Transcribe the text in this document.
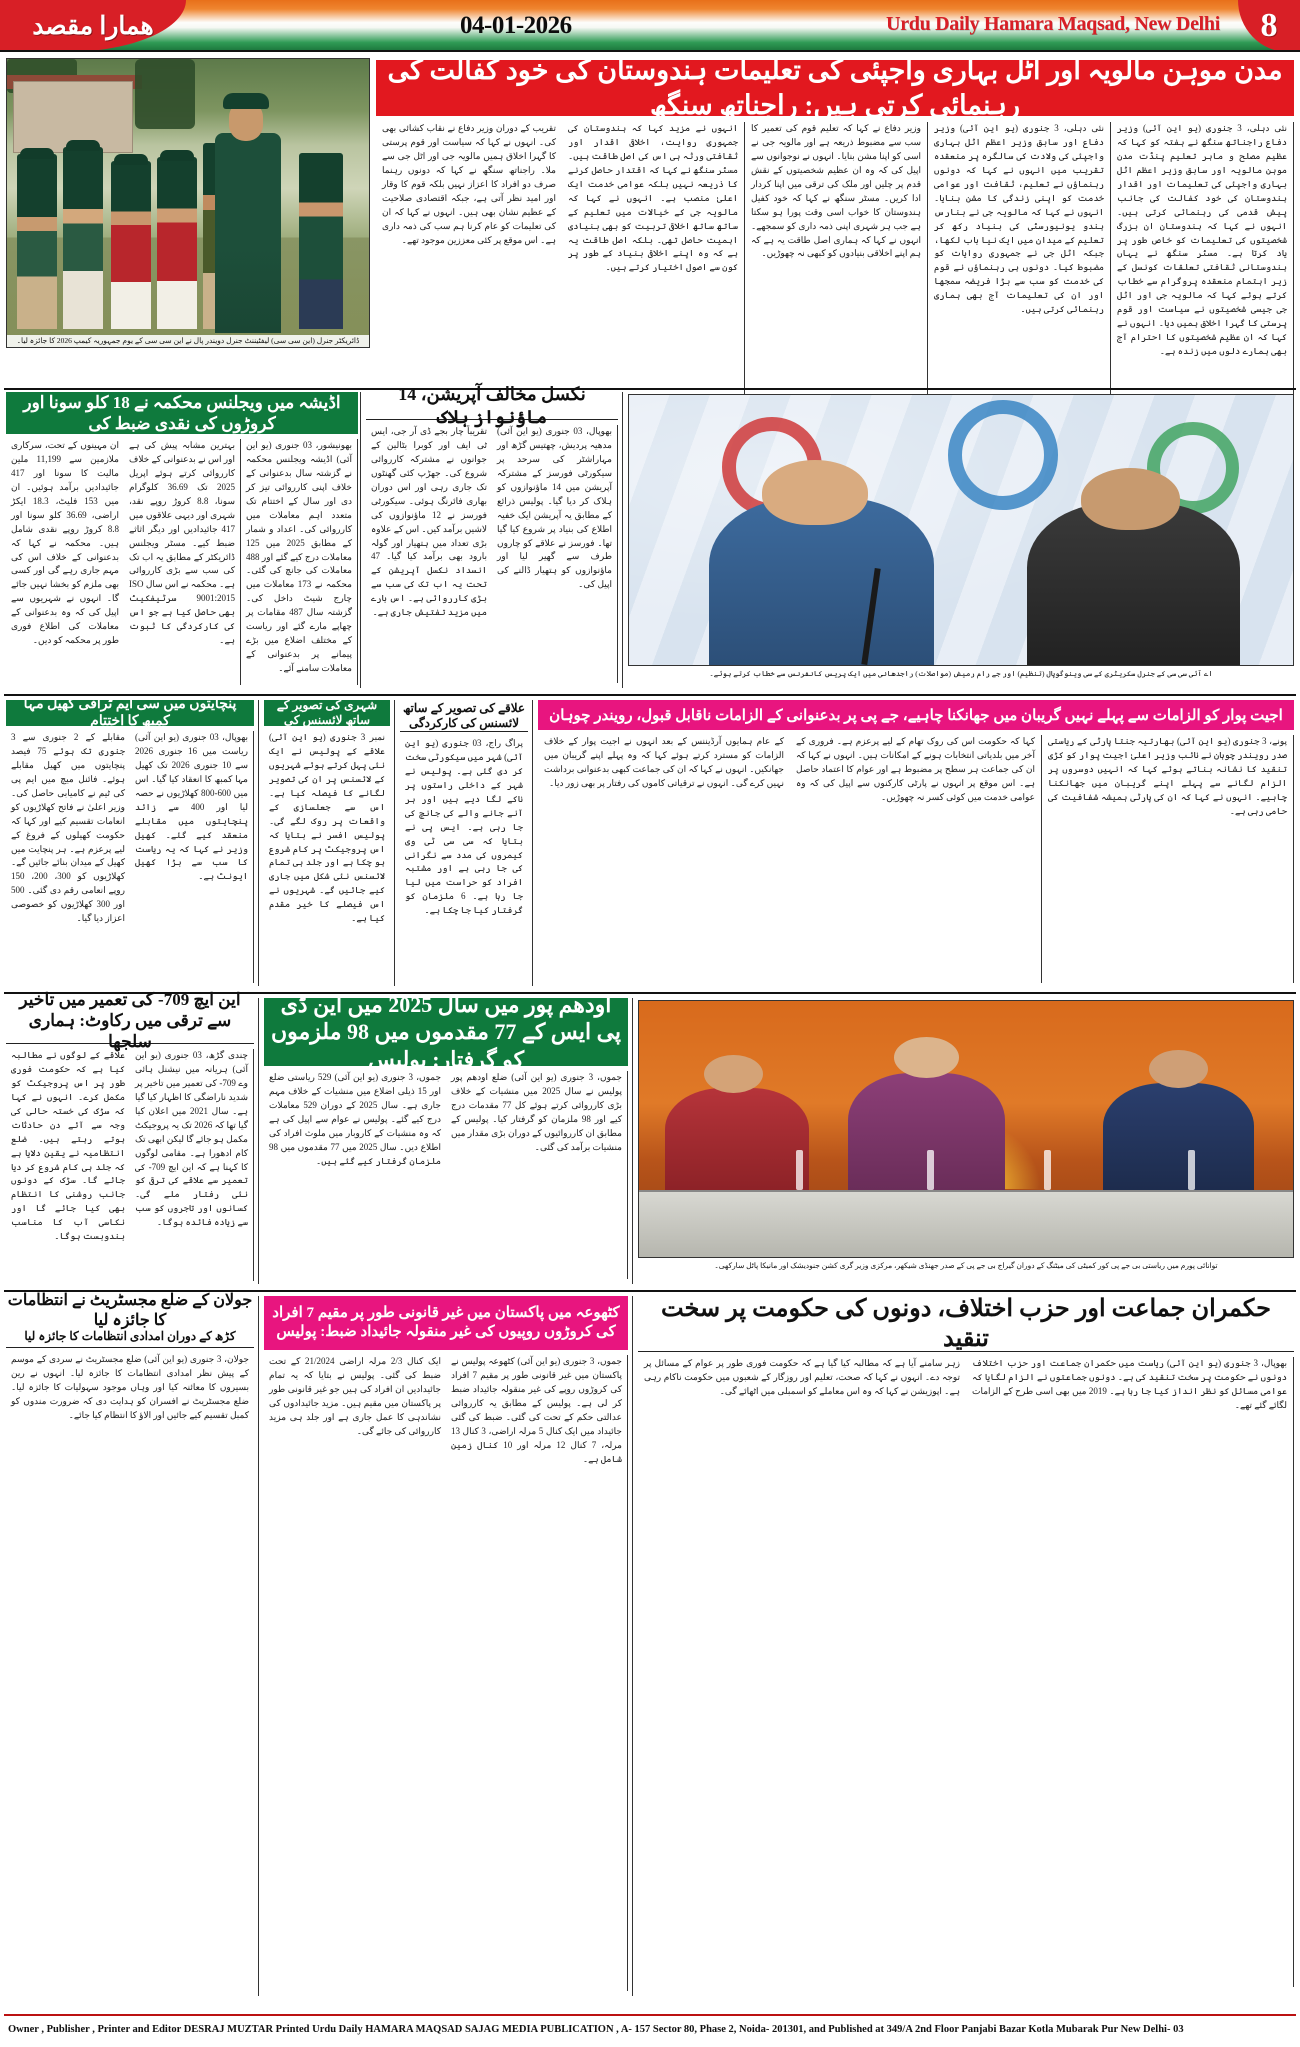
همارا مقصد	04-01-2026	Urdu Daily Hamara Maqsad, New Delhi 8
ڈائریکٹر جنرل (این سی سی) لیفٹیننٹ جنرل دویندر پال نے این سی سی کے یوم جمہوریہ کیمپ 2026 کا جائزہ لیا۔
مدن موہن مالویہ اور اٹل بہاری واجپئی کی تعلیمات ہندوستان کی خود کفالت کی رہنمائی کرتی ہیں: راجناتھ سنگھ
نئی دہلی، 3 جنوری (یو این آئی) وزیر دفاع راجناتھ سنگھ نے ہفتہ کو کہا کہ عظیم مصلح و ماہر تعلیم پنڈت مدن موہن مالویہ اور سابق وزیر اعظم اٹل بہاری واجپئی کی تعلیمات اور اقدار ہندوستان کی خود کفالت کی جانب پیش قدمی کی رہنمائی کرتی ہیں۔ انہوں نے کہا کہ ہندوستان ان بزرگ شخصیتوں کی تعلیمات کو خاص طور پر یاد کرتا ہے۔ مسٹر سنگھ نے یہاں ہندوستانی ثقافتی تعلقات کونسل کے زیر اہتمام منعقدہ پروگرام سے خطاب کرتے ہوئے کہا کہ مالویہ جی اور اٹل جی جیسی شخصیتوں نے سیاست اور قوم پرستی کا گہرا اخلاق ہمیں دیا۔ انہوں نے کہا کہ ان عظیم شخصیتوں کا احترام آج بھی ہمارے دلوں میں زندہ ہے۔
نئی دہلی، 3 جنوری (یو این آئی) وزیر دفاع اور سابق وزیر اعظم اٹل بہاری واجپئی کی ولادت کی سالگرہ پر منعقدہ تقریب میں انہوں نے کہا کہ دونوں رہنماؤں نے تعلیم، ثقافت اور عوامی خدمت کو اپنی زندگی کا مشن بنایا۔ انہوں نے کہا کہ مالویہ جی نے بنارس ہندو یونیورسٹی کی بنیاد رکھ کر تعلیم کے میدان میں ایک نیا باب لکھا، جبکہ اٹل جی نے جمہوری روایات کو مضبوط کیا۔ دونوں ہی رہنماؤں نے قوم کی خدمت کو سب سے بڑا فریضہ سمجھا اور ان کی تعلیمات آج بھی ہماری رہنمائی کرتی ہیں۔
وزیر دفاع نے کہا کہ تعلیم قوم کی تعمیر کا سب سے مضبوط ذریعہ ہے اور مالویہ جی نے اسی کو اپنا مشن بنایا۔ انہوں نے نوجوانوں سے اپیل کی کہ وہ ان عظیم شخصیتوں کے نقش قدم پر چلیں اور ملک کی ترقی میں اپنا کردار ادا کریں۔ مسٹر سنگھ نے کہا کہ خود کفیل ہندوستان کا خواب اسی وقت پورا ہو سکتا ہے جب ہر شہری اپنی ذمہ داری کو سمجھے۔ انہوں نے کہا کہ ہماری اصل طاقت یہ ہے کہ ہم اپنے اخلاقی بنیادوں کو کبھی نہ چھوڑیں۔
انہوں نے مزید کہا کہ ہندوستان کی جمہوری روایت، اخلاقی اقدار اور ثقافتی ورثہ ہی اس کی اصل طاقت ہیں۔ مسٹر سنگھ نے کہا کہ اقتدار حاصل کرنے کا ذریعہ نہیں بلکہ عوامی خدمت ایک اعلیٰ منصب ہے۔ انہوں نے کہا کہ مالویہ جی کے خیالات میں تعلیم کے ساتھ ساتھ اخلاقی تربیت کو بھی بنیادی اہمیت حاصل تھی۔ بلکہ اصل طاقت یہ ہے کہ وہ اپنے اخلاقی بنیاد کے طور پر کون سے اصول اختیار کرتے ہیں۔
تقریب کے دوران وزیر دفاع نے نقاب کشائی بھی کی۔ انہوں نے کہا کہ سیاست اور قوم پرستی کا گہرا اخلاق ہمیں مالویہ جی اور اٹل جی سے ملا۔ راجناتھ سنگھ نے کہا کہ دونوں رہنما صرف دو افراد کا اعزاز نہیں بلکہ قوم کا وقار اور امید نظر آتی ہے، جبکہ اقتصادی صلاحیت کے عظیم نشان بھی ہیں۔ انہوں نے کہا کہ ان کی تعلیمات کو عام کرنا ہم سب کی ذمہ داری ہے۔ اس موقع پر کئی معززین موجود تھے۔
اڈیشہ میں ویجلنس محکمہ نے 18 کلو سونا اور کروڑوں کی نقدی ضبط کی
بھونیشور، 03 جنوری (یو این آئی) اڈیشہ ویجلنس محکمہ نے گزشتہ سال بدعنوانی کے خلاف اپنی کارروائی تیز کر دی اور سال کے اختتام تک متعدد اہم معاملات میں کارروائی کی۔ اعداد و شمار کے مطابق 2025 میں 125 معاملات درج کیے گئے اور 488 معاملات کی جانچ کی گئی۔ محکمہ نے 173 معاملات میں چارج شیٹ داخل کی۔ گزشتہ سال 487 مقامات پر چھاپے مارے گئے اور ریاست کے مختلف اضلاع میں بڑے پیمانے پر بدعنوانی کے معاملات سامنے آئے۔
بہترین مشابہ پیش کی ہے اور اس نے بدعنوانی کے خلاف کارروائی کرتے ہوئے اپریل 2025 تک 36.69 کلوگرام سونا، 8.8 کروڑ روپے نقد، شہری اور دیہی علاقوں میں 417 جائیدادیں اور دیگر اثاثے ضبط کیے۔ مسٹر ویجلنس ڈائریکٹر کے مطابق یہ اب تک کی سب سے بڑی کارروائی ہے۔ محکمہ نے اس سال ISO 9001:2015 سرٹیفکیٹ بھی حاصل کیا ہے جو اس کی کارکردگی کا ثبوت ہے۔
ان مہینوں کے تحت، سرکاری ملازمین سے 11,199 ملین مالیت کا سونا اور 417 جائیدادیں برآمد ہوئیں۔ ان میں 153 فلیٹ، 18.3 ایکڑ اراضی، 36.69 کلو سونا اور 8.8 کروڑ روپے نقدی شامل ہیں۔ محکمہ نے کہا کہ بدعنوانی کے خلاف اس کی مہم جاری رہے گی اور کسی بھی ملزم کو بخشا نہیں جائے گا۔ انہوں نے شہریوں سے اپیل کی کہ وہ بدعنوانی کے معاملات کی اطلاع فوری طور پر محکمہ کو دیں۔
نکسل مخالف آپریشن، 14 ماؤنواز ہلاک
بھوپال، 03 جنوری (یو این آئی) مدھیہ پردیش، چھتیس گڑھ اور مہاراشٹر کی سرحد پر سیکورٹی فورسز کے مشترکہ آپریشن میں 14 ماؤنوازوں کو ہلاک کر دیا گیا۔ پولیس ذرائع کے مطابق یہ آپریشن ایک خفیہ اطلاع کی بنیاد پر شروع کیا گیا تھا۔ فورسز نے علاقے کو چاروں طرف سے گھیر لیا اور ماؤنوازوں کو ہتھیار ڈالنے کی اپیل کی۔
تقریباً چار بجے ڈی آر جی، ایس ٹی ایف اور کوبرا بٹالین کے جوانوں نے مشترکہ کارروائی شروع کی۔ جھڑپ کئی گھنٹوں تک جاری رہی اور اس دوران بھاری فائرنگ ہوئی۔ سیکورٹی فورسز نے 12 ماؤنوازوں کی لاشیں برآمد کیں۔ اس کے علاوہ بڑی تعداد میں ہتھیار اور گولہ بارود بھی برآمد کیا گیا۔ 47 انسداد نکسل آپریشن کے تحت یہ اب تک کی سب سے بڑی کارروائی ہے۔ اس بارے میں مزید تفتیش جاری ہے۔
اے آئی سی سی کے جنرل سکریٹری کے سی وینوگوپال (تنظیم) اور جے رام رمیش (مواصلات) راجدھانی میں ایک پریس کانفرنس سے خطاب کرتے ہوئے۔
پنچایتوں میں سی ایم ٹرافی کھیل مہا کمبھ کا اختتام
بھوپال، 03 جنوری (یو این آئی) ریاست میں 16 جنوری 2026 سے 10 جنوری 2026 تک کھیل مہا کمبھ کا انعقاد کیا گیا۔ اس میں 600-800 کھلاڑیوں نے حصہ لیا اور 400 سے زائد پنچایتوں میں مقابلے منعقد کیے گئے۔ کھیل وزیر نے کہا کہ یہ ریاست کا سب سے بڑا کھیل ایونٹ ہے۔
مقابلے کے 2 جنوری سے 3 جنوری تک ہوئے 75 فیصد پنچایتوں میں کھیل مقابلے ہوئے۔ فائنل میچ میں ایم پی کی ٹیم نے کامیابی حاصل کی۔ وزیر اعلیٰ نے فاتح کھلاڑیوں کو انعامات تقسیم کیے اور کہا کہ حکومت کھیلوں کے فروغ کے لیے پرعزم ہے۔ ہر پنچایت میں کھیل کے میدان بنائے جائیں گے۔ کھلاڑیوں کو 300، 200، 150 روپے انعامی رقم دی گئی۔ 500 اور 300 کھلاڑیوں کو خصوصی اعزاز دیا گیا۔
شہری کی تصویر کے ساتھ لائسنس کی
نمبر 3 جنوری (یو این آئی) علاقے کے پولیس نے ایک نئی پہل کرتے ہوئے شہریوں کے لائسنس پر ان کی تصویر لگانے کا فیصلہ کیا ہے۔ اس سے جعلسازی کے واقعات پر روک لگے گی۔ پولیس افسر نے بتایا کہ اس پروجیکٹ پر کام شروع ہو چکا ہے اور جلد ہی تمام لائسنس نئی شکل میں جاری کیے جائیں گے۔ شہریوں نے اس فیصلے کا خیر مقدم کیا ہے۔
علاقے کی تصویر کے ساتھ لائسنس کی کارکردگی
پراگ راج، 03 جنوری (یو این آئی) شہر میں سیکورٹی سخت کر دی گئی ہے۔ پولیس نے شہر کے داخلی راستوں پر ناکے لگا دیے ہیں اور ہر آنے جانے والے کی جانچ کی جا رہی ہے۔ ایس پی نے بتایا کہ سی سی ٹی وی کیمروں کی مدد سے نگرانی کی جا رہی ہے اور مشتبہ افراد کو حراست میں لیا جا رہا ہے۔ 6 ملزمان کو گرفتار کیا جا چکا ہے۔
اجیت پوار کو الزامات سے پہلے نہیں گریبان میں جھانکنا چاہیے، جے پی پر بدعنوانی کے الزامات ناقابل قبول، رویندر چوہان
پونے، 3 جنوری (یو این آئی) بھارتیہ جنتا پارٹی کے ریاستی صدر رویندر چوہان نے نائب وزیر اعلیٰ اجیت پوار کو کڑی تنقید کا نشانہ بناتے ہوئے کہا کہ انہیں دوسروں پر الزام لگانے سے پہلے اپنے گریبان میں جھانکنا چاہیے۔ انہوں نے کہا کہ ان کی پارٹی ہمیشہ شفافیت کی حامی رہی ہے۔
کہا کہ حکومت اس کی روک تھام کے لیے پرعزم ہے۔ فروری کے آخر میں بلدیاتی انتخابات ہونے کے امکانات ہیں۔ انہوں نے کہا کہ ان کی جماعت ہر سطح پر مضبوط ہے اور عوام کا اعتماد حاصل ہے۔ اس موقع پر انہوں نے پارٹی کارکنوں سے اپیل کی کہ وہ عوامی خدمت میں کوئی کسر نہ چھوڑیں۔
کے عام ہمایوں آرڈیننس کے بعد انہوں نے اجیت پوار کے خلاف الزامات کو مسترد کرتے ہوئے کہا کہ وہ پہلے اپنے گریبان میں جھانکیں۔ انہوں نے کہا کہ ان کی جماعت کبھی بدعنوانی برداشت نہیں کرے گی۔ انہوں نے ترقیاتی کاموں کی رفتار پر بھی زور دیا۔
این ایچ 709- کی تعمیر میں تاخیر سے ترقی میں رکاوٹ: ہماری سلجھا
چندی گڑھ، 03 جنوری (یو این آئی) ہریانہ میں نیشنل ہائی وے 709- کی تعمیر میں تاخیر پر شدید ناراضگی کا اظہار کیا گیا ہے۔ سال 2021 میں اعلان کیا گیا تھا کہ 2026 تک یہ پروجیکٹ مکمل ہو جائے گا لیکن ابھی تک کام ادھورا ہے۔ مقامی لوگوں کا کہنا ہے کہ این ایچ 709- کی تعمیر سے علاقے کی ترقی کو نئی رفتار ملے گی۔ کسانوں اور تاجروں کو سب سے زیادہ فائدہ ہوگا۔
علاقے کے لوگوں نے مطالبہ کیا ہے کہ حکومت فوری طور پر اس پروجیکٹ کو مکمل کرے۔ انہوں نے کہا کہ سڑک کی خستہ حالی کی وجہ سے آئے دن حادثات ہوتے رہتے ہیں۔ ضلع انتظامیہ نے یقین دلایا ہے کہ جلد ہی کام شروع کر دیا جائے گا۔ سڑک کے دونوں جانب روشنی کا انتظام بھی کیا جائے گا اور نکاسی آب کا مناسب بندوبست ہوگا۔
اودھم پور میں سال 2025 میں این ڈی پی ایس کے 77 مقدموں میں 98 ملزموں کو گرفتار: پولیس
جموں، 3 جنوری (یو این آئی) ضلع اودھم پور پولیس نے سال 2025 میں منشیات کے خلاف بڑی کارروائی کرتے ہوئے کل 77 مقدمات درج کیے اور 98 ملزمان کو گرفتار کیا۔ پولیس کے مطابق ان کارروائیوں کے دوران بڑی مقدار میں منشیات برآمد کی گئی۔
جموں، 3 جنوری (یو این آئی) 529 ریاستی ضلع اور 15 ذیلی اضلاع میں منشیات کے خلاف مہم جاری ہے۔ سال 2025 کے دوران 529 معاملات درج کیے گئے۔ پولیس نے عوام سے اپیل کی ہے کہ وہ منشیات کے کاروبار میں ملوث افراد کی اطلاع دیں۔ سال 2025 میں 77 مقدموں میں 98 ملزمان گرفتار کیے گئے ہیں۔
توانائی پورم میں ریاستی بی جے پی کور کمیٹی کی میٹنگ کے دوران گیراج بی جے پی کے صدر جھنڈی شیکھر، مرکزی وزیر گری کشن جنودیشک اور مانیکا پاٹل سارکھی۔
جولان کے ضلع مجسٹریٹ نے انتظامات کا جائزہ لیا
کڑھ کے دوران امدادی انتظامات کا جائزہ لیا
جولان، 3 جنوری (یو این آئی) ضلع مجسٹریٹ نے سردی کے موسم کے پیش نظر امدادی انتظامات کا جائزہ لیا۔ انہوں نے رین بسیروں کا معائنہ کیا اور وہاں موجود سہولیات کا جائزہ لیا۔ ضلع مجسٹریٹ نے افسران کو ہدایت دی کہ ضرورت مندوں کو کمبل تقسیم کیے جائیں اور الاؤ کا انتظام کیا جائے۔
کٹھوعہ میں پاکستان میں غیر قانونی طور پر مقیم 7 افراد کی کروڑوں روپیوں کی غیر منقولہ جائیداد ضبط: پولیس
جموں، 3 جنوری (یو این آئی) کٹھوعہ پولیس نے پاکستان میں غیر قانونی طور پر مقیم 7 افراد کی کروڑوں روپے کی غیر منقولہ جائیداد ضبط کر لی ہے۔ پولیس کے مطابق یہ کارروائی عدالتی حکم کے تحت کی گئی۔ ضبط کی گئی جائیداد میں ایک کنال 5 مرلہ اراضی، 3 کنال 13 مرلہ، 7 کنال 12 مرلہ اور 10 کنال زمین شامل ہے۔
ایک کنال 2/3 مرلہ اراضی 21/2024 کے تحت ضبط کی گئی۔ پولیس نے بتایا کہ یہ تمام جائیدادیں ان افراد کی ہیں جو غیر قانونی طور پر پاکستان میں مقیم ہیں۔ مزید جائیدادوں کی نشاندہی کا عمل جاری ہے اور جلد ہی مزید کارروائی کی جائے گی۔
حکمران جماعت اور حزب اختلاف، دونوں کی حکومت پر سخت تنقید
بھوپال، 3 جنوری (یو این آئی) ریاست میں حکمران جماعت اور حزب اختلاف دونوں نے حکومت پر سخت تنقید کی ہے۔ دونوں جماعتوں نے الزام لگایا کہ عوامی مسائل کو نظر انداز کیا جا رہا ہے۔ 2019 میں بھی اسی طرح کے الزامات لگائے گئے تھے۔
زہر سامنے آیا ہے کہ مطالبہ کیا گیا ہے کہ حکومت فوری طور پر عوام کے مسائل پر توجہ دے۔ انہوں نے کہا کہ صحت، تعلیم اور روزگار کے شعبوں میں حکومت ناکام رہی ہے۔ اپوزیشن نے کہا کہ وہ اس معاملے کو اسمبلی میں اٹھائے گی۔
Owner , Publisher , Printer and Editor DESRAJ MUZTAR Printed Urdu Daily HAMARA MAQSAD SAJAG MEDIA PUBLICATION , A- 157 Sector 80, Phase 2, Noida- 201301, and Published at 349/A 2nd Floor Panjabi Bazar Kotla Mubarak Pur New Delhi- 03
